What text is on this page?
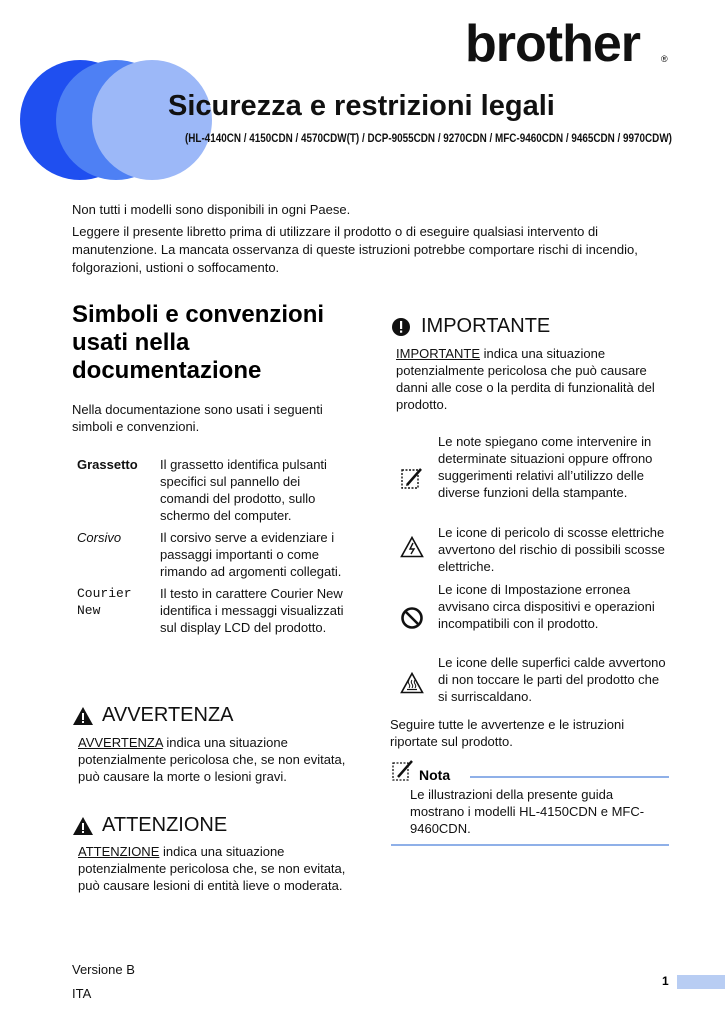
brother ®
Sicurezza e restrizioni legali
(HL-4140CN / 4150CDN / 4570CDW(T) / DCP-9055CDN / 9270CDN / MFC-9460CDN / 9465CDN / 9970CDW)
Non tutti i modelli sono disponibili in ogni Paese.
Leggere il presente libretto prima di utilizzare il prodotto o di eseguire qualsiasi intervento di manutenzione. La mancata osservanza di queste istruzioni potrebbe comportare rischi di incendio, folgorazioni, ustioni o soffocamento.
Simboli e convenzioni usati nella documentazione
Nella documentazione sono usati i seguenti simboli e convenzioni.
Grassetto	Il grassetto identifica pulsanti specifici sul pannello dei comandi del prodotto, sullo schermo del computer.
Corsivo	Il corsivo serve a evidenziare i passaggi importanti o come rimando ad argomenti collegati.
Courier New	Il testo in carattere Courier New identifica i messaggi visualizzati sul display LCD del prodotto.
AVVERTENZA
AVVERTENZA indica una situazione potenzialmente pericolosa che, se non evitata, può causare la morte o lesioni gravi.
ATTENZIONE
ATTENZIONE indica una situazione potenzialmente pericolosa che, se non evitata, può causare lesioni di entità lieve o moderata.
IMPORTANTE
IMPORTANTE indica una situazione potenzialmente pericolosa che può causare danni alle cose o la perdita di funzionalità del prodotto.
Le note spiegano come intervenire in determinate situazioni oppure offrono suggerimenti relativi all’utilizzo delle diverse funzioni della stampante.
Le icone di pericolo di scosse elettriche avvertono del rischio di possibili scosse elettriche.
Le icone di Impostazione erronea avvisano circa dispositivi e operazioni incompatibili con il prodotto.
Le icone delle superfici calde avvertono di non toccare le parti del prodotto che si surriscaldano.
Seguire tutte le avvertenze e le istruzioni riportate sul prodotto.
Nota
Le illustrazioni della presente guida mostrano i modelli HL-4150CDN e MFC-9460CDN.
Versione B
ITA
1
